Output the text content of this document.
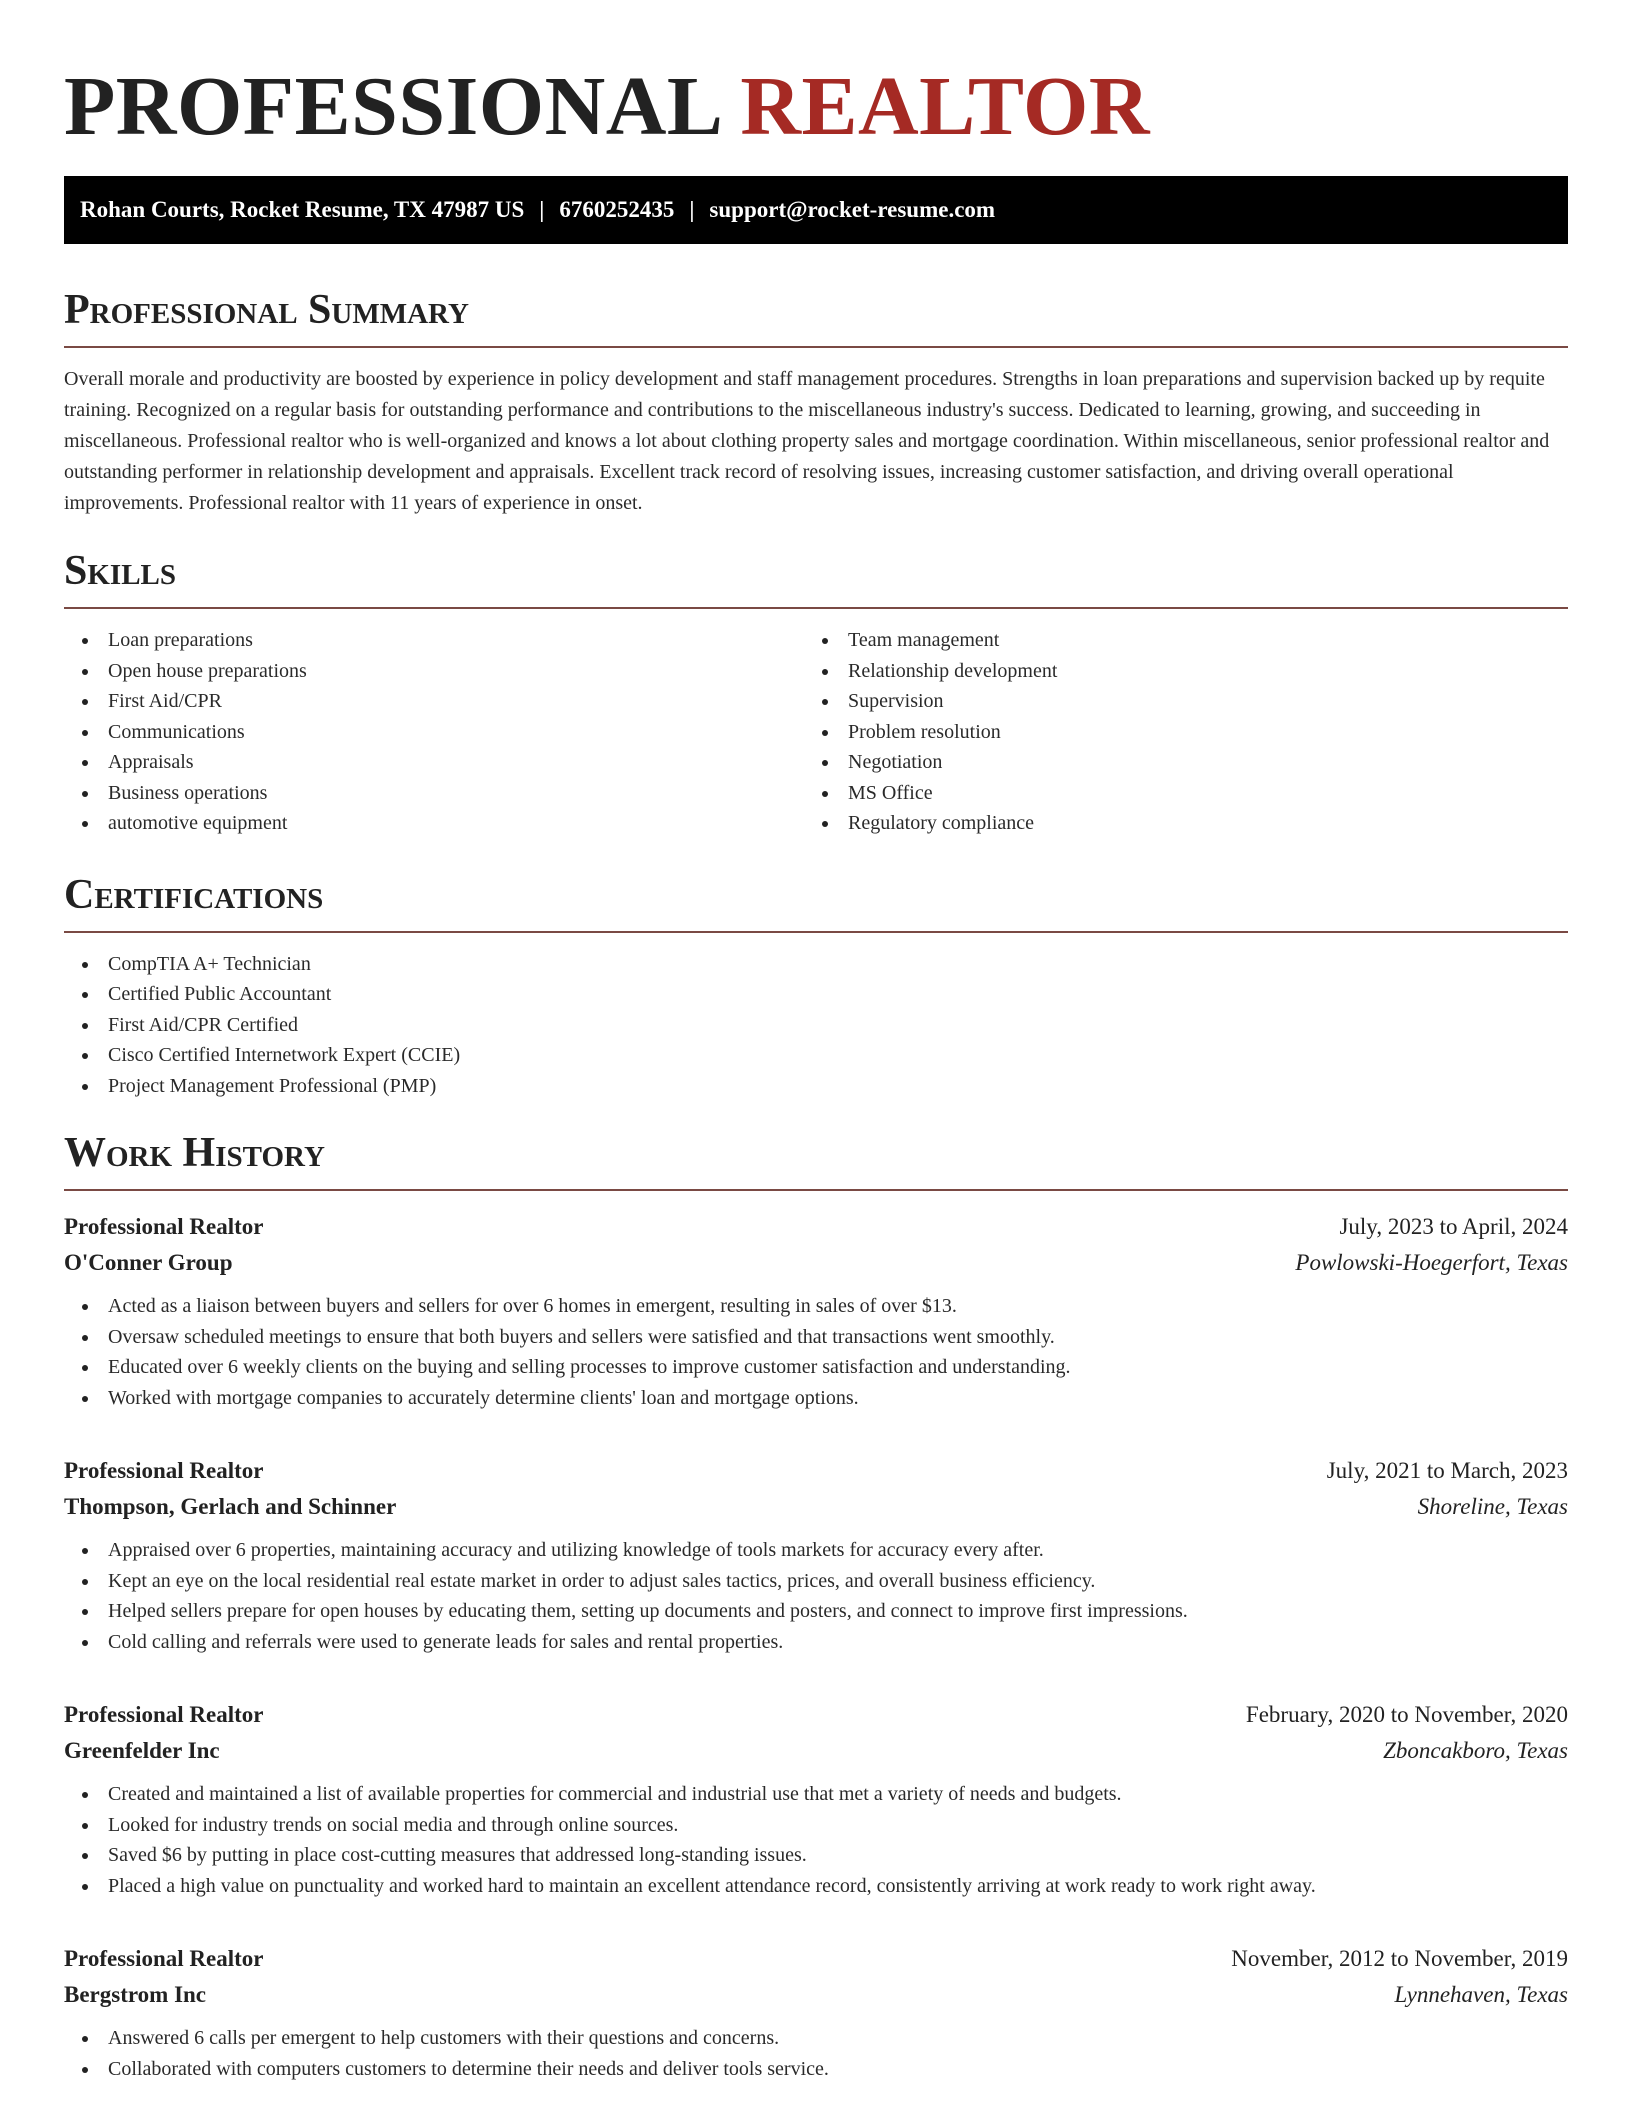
PROFESSIONAL REALTOR
Rohan Courts, Rocket Resume, TX 47987 US | 6760252435 | support@rocket-resume.com
Professional Summary

Overall morale and productivity are boosted by experience in policy development and staff management procedures. Strengths in loan preparations and supervision backed up by requite training. Recognized on a regular basis for outstanding performance and contributions to the miscellaneous industry's success. Dedicated to learning, growing, and succeeding in miscellaneous. Professional realtor who is well-organized and knows a lot about clothing property sales and mortgage coordination. Within miscellaneous, senior professional realtor and outstanding performer in relationship development and appraisals. Excellent track record of resolving issues, increasing customer satisfaction, and driving overall operational improvements. Professional realtor with 11 years of experience in onset.

Skills
Loan preparations
Open house preparations
First Aid/CPR
Communications
Appraisals
Business operations
automotive equipment
Team management
Relationship development
Supervision
Problem resolution
Negotiation
MS Office
Regulatory compliance
Certifications
CompTIA A+ Technician
Certified Public Accountant
First Aid/CPR Certified
Cisco Certified Internetwork Expert (CCIE)
Project Management Professional (PMP)
Work History
Professional Realtor	July, 2023 to April, 2024
O'Conner Group	Powlowski-Hoegerfort, Texas
Acted as a liaison between buyers and sellers for over 6 homes in emergent, resulting in sales of over $13.
Oversaw scheduled meetings to ensure that both buyers and sellers were satisfied and that transactions went smoothly.
Educated over 6 weekly clients on the buying and selling processes to improve customer satisfaction and understanding.
Worked with mortgage companies to accurately determine clients' loan and mortgage options.
Professional Realtor	July, 2021 to March, 2023
Thompson, Gerlach and Schinner	Shoreline, Texas
Appraised over 6 properties, maintaining accuracy and utilizing knowledge of tools markets for accuracy every after.
Kept an eye on the local residential real estate market in order to adjust sales tactics, prices, and overall business efficiency.
Helped sellers prepare for open houses by educating them, setting up documents and posters, and connect to improve first impressions.
Cold calling and referrals were used to generate leads for sales and rental properties.
Professional Realtor	February, 2020 to November, 2020
Greenfelder Inc	Zboncakboro, Texas
Created and maintained a list of available properties for commercial and industrial use that met a variety of needs and budgets.
Looked for industry trends on social media and through online sources.
Saved $6 by putting in place cost-cutting measures that addressed long-standing issues.
Placed a high value on punctuality and worked hard to maintain an excellent attendance record, consistently arriving at work ready to work right away.
Professional Realtor	November, 2012 to November, 2019
Bergstrom Inc	Lynnehaven, Texas
Answered 6 calls per emergent to help customers with their questions and concerns.
Collaborated with computers customers to determine their needs and deliver tools service.
